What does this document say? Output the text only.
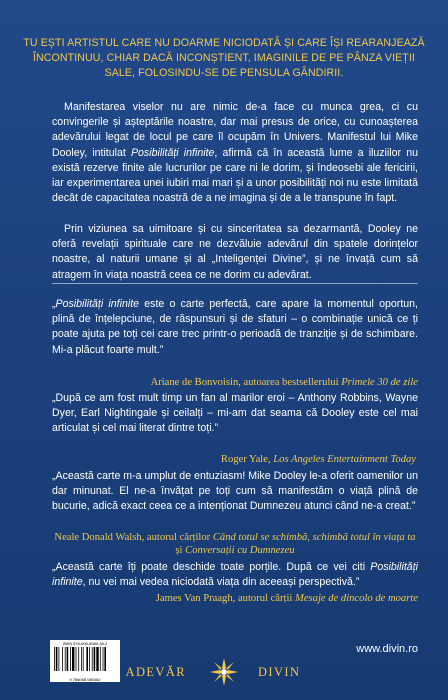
TU EȘTI ARTISTUL CARE NU DOARME NICIODATĂ ȘI CARE ÎȘI REARANJEAZĂ ÎNCONTINUU, CHIAR DACĂ INCONȘTIENT, IMAGINILE DE PE PÂNZA VIEȚII SALE, FOLOSINDU-SE DE PENSULA GÂNDIRII.
Manifestarea viselor nu are nimic de-a face cu munca grea, ci cu convingerile și așteptările noastre, dar mai presus de orice, cu cunoașterea adevărului legat de locul pe care îl ocupăm în Univers. Manifestul lui Mike Dooley, intitulat Posibilități infinite, afirmă că în această lume a iluziilor nu există rezerve finite ale lucrurilor pe care ni le dorim, și îndeosebi ale fericirii, iar experimentarea unei iubiri mai mari și a unor posibilități noi nu este limitată decât de capacitatea noastră de a ne imagina și de a le transpune în fapt.
Prin viziunea sa uimitoare și cu sinceritatea sa dezarmantă, Dooley ne oferă revelații spirituale care ne dezvăluie adevărul din spatele dorințelor noastre, al naturii umane și al „Inteligenței Divine”, și ne învață cum să atragem în viața noastră ceea ce ne dorim cu adevărat.
„Posibilități infinite este o carte perfectă, care apare la momentul oportun, plină de înțelepciune, de răspunsuri și de sfaturi – o combinație unică ce ți poate ajuta pe toți cei care trec printr-o perioadă de tranziție și de schimbare. Mi-a plăcut foarte mult.”
Ariane de Bonvoisin, autoarea bestsellerului Primele 30 de zile
„După ce am fost mult timp un fan al marilor eroi – Anthony Robbins, Wayne Dyer, Earl Nightingale și ceilalți – mi-am dat seama că Dooley este cel mai articulat și cel mai literat dintre toți.”
Roger Yale, Los Angeles Entertainment Today
„Această carte m-a umplut de entuziasm! Mike Dooley le-a oferit oamenilor un dar minunat. El ne-a învățat pe toți cum să manifestăm o viață plină de bucurie, adică exact ceea ce a intenționat Dumnezeu atunci când ne-a creat.”
Neale Donald Walsh, autorul cărților Când totul se schimbă, schimbă totul în viața ta și Conversații cu Dumnezeu
„Această carte îți poate deschide toate porțile. După ce vei citi Posibilități infinite, nu vei mai vedea niciodată viața din aceeași perspectivă.”
James Van Praagh, autorul cărții Mesaje de dincolo de moarte
ISBN 978-606-8080-48-2
9 786068 080482
www.divin.ro
ADEVĂR	DIVIN
